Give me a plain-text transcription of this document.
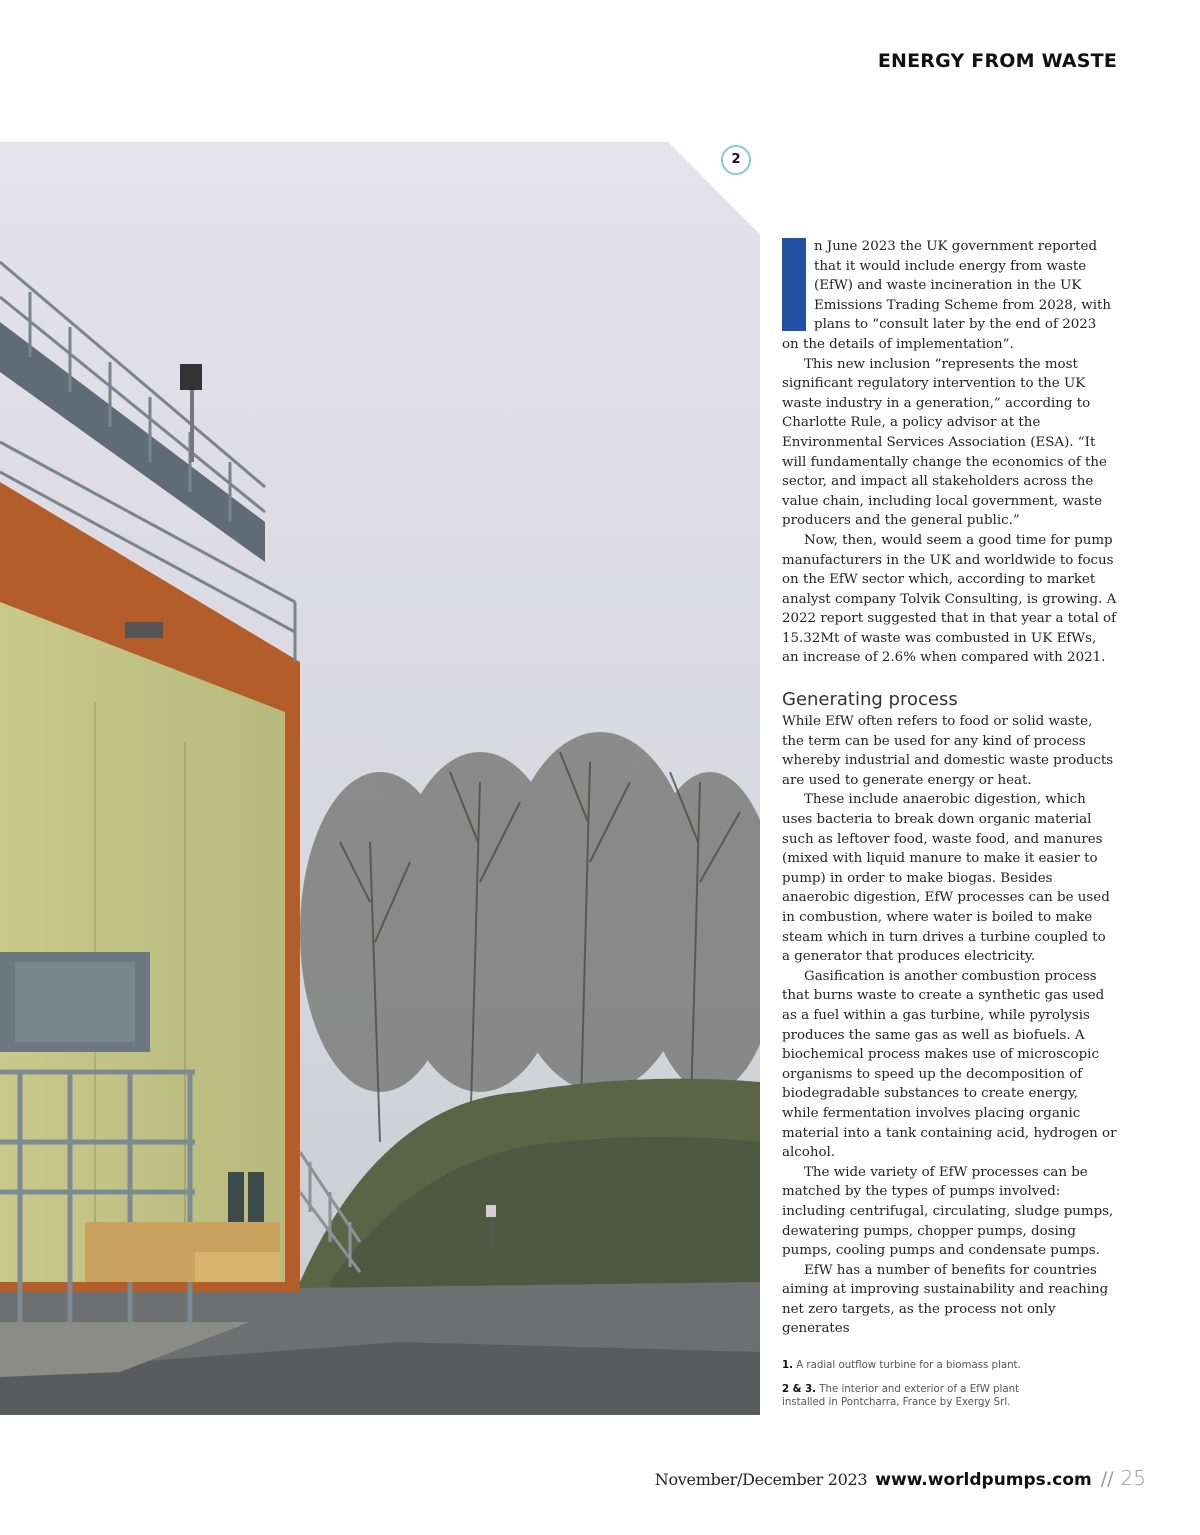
ENERGY FROM WASTE
2

n June 2023 the UK government reported that it would include energy from waste (EfW) and waste incineration in the UK Emissions Trading Scheme from 2028, with plans to “consult later by the end of 2023 on the details of implementation”.

This new inclusion “represents the most significant regulatory intervention to the UK waste industry in a generation,” according to Charlotte Rule, a policy advisor at the Environmental Services Association (ESA). “It will fundamentally change the economics of the sector, and impact all stakeholders across the value chain, including local government, waste producers and the general public.”

Now, then, would seem a good time for pump manufacturers in the UK and worldwide to focus on the EfW sector which, according to market analyst company Tolvik Consulting, is growing. A 2022 report suggested that in that year a total of 15.32Mt of waste was combusted in UK EfWs, an increase of 2.6% when compared with 2021.

Generating process

While EfW often refers to food or solid waste, the term can be used for any kind of process whereby industrial and domestic waste products are used to generate energy or heat.

These include anaerobic digestion, which uses bacteria to break down organic material such as leftover food, waste food, and manures (mixed with liquid manure to make it easier to pump) in order to make biogas. Besides anaerobic digestion, EfW processes can be used in combustion, where water is boiled to make steam which in turn drives a turbine coupled to a generator that produces electricity.

Gasification is another combustion process that burns waste to create a synthetic gas used as a fuel within a gas turbine, while pyrolysis produces the same gas as well as biofuels. A biochemical process makes use of microscopic organisms to speed up the decomposition of biodegradable substances to create energy, while fermentation involves placing organic material into a tank containing acid, hydrogen or alcohol.

The wide variety of EfW processes can be matched by the types of pumps involved: including centrifugal, circulating, sludge pumps, dewatering pumps, chopper pumps, dosing pumps, cooling pumps and condensate pumps.

EfW has a number of benefits for countries aiming at improving sustainability and reaching net zero targets, as the process not only generates

1. A radial outflow turbine for a biomass plant.

2 & 3. The interior and exterior of a EfW plant installed in Pontcharra, France by Exergy Srl.

November/December 2023 www.worldpumps.com // 25
